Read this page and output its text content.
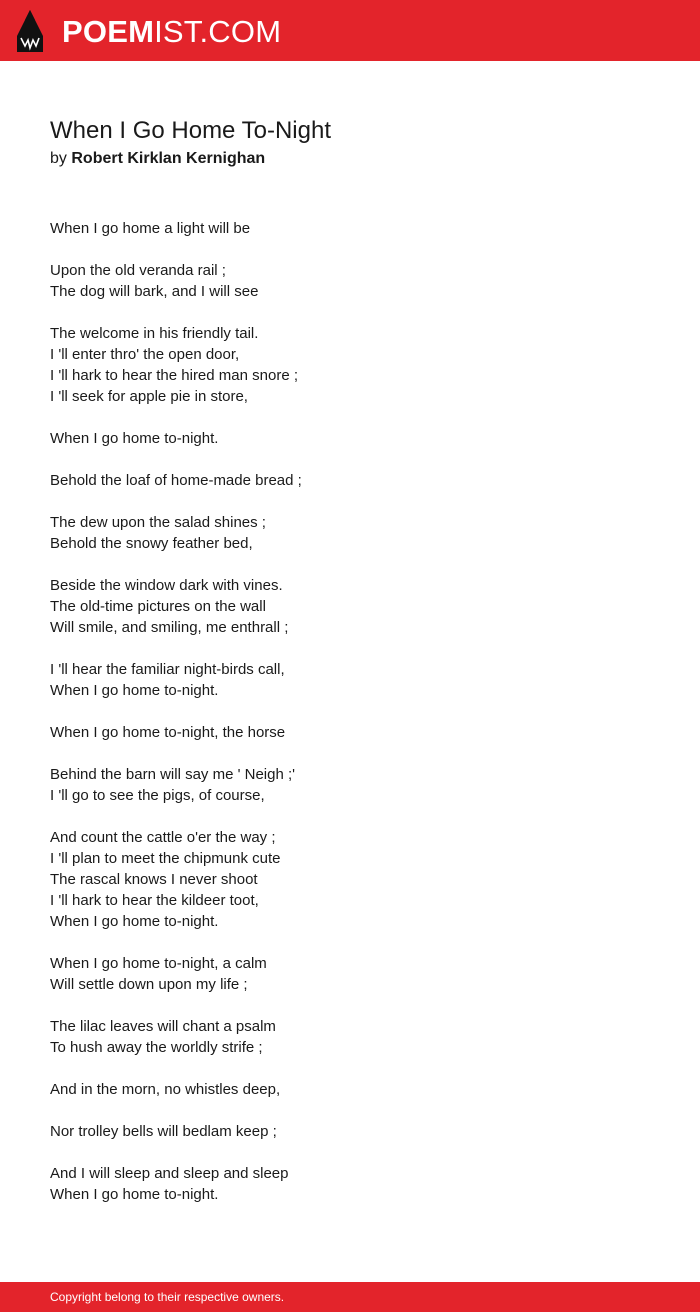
POEMIST.COM
When I Go Home To-Night

by Robert Kirklan Kernighan

When I go home a light will be

Upon the old veranda rail ;
The dog will bark, and I will see

The welcome in his friendly tail.
I 'll enter thro' the open door,
I 'll hark to hear the hired man snore ;
I 'll seek for apple pie in store,

When I go home to-night.

Behold the loaf of home-made bread ;

The dew upon the salad shines ;
Behold the snowy feather bed,

Beside the window dark with vines.
The old-time pictures on the wall
Will smile, and smiling, me enthrall ;

I 'll hear the familiar night-birds call,
When I go home to-night.

When I go home to-night, the horse

Behind the barn will say me ' Neigh ;'
I 'll go to see the pigs, of course,

And count the cattle o'er the way ;
I 'll plan to meet the chipmunk cute
The rascal knows I never shoot
I 'll hark to hear the kildeer toot,
When I go home to-night.

When I go home to-night, a calm
Will settle down upon my life ;

The lilac leaves will chant a psalm
To hush away the worldly strife ;

And in the morn, no whistles deep,

Nor trolley bells will bedlam keep ;

And I will sleep and sleep and sleep
When I go home to-night.

Copyright belong to their respective owners.
